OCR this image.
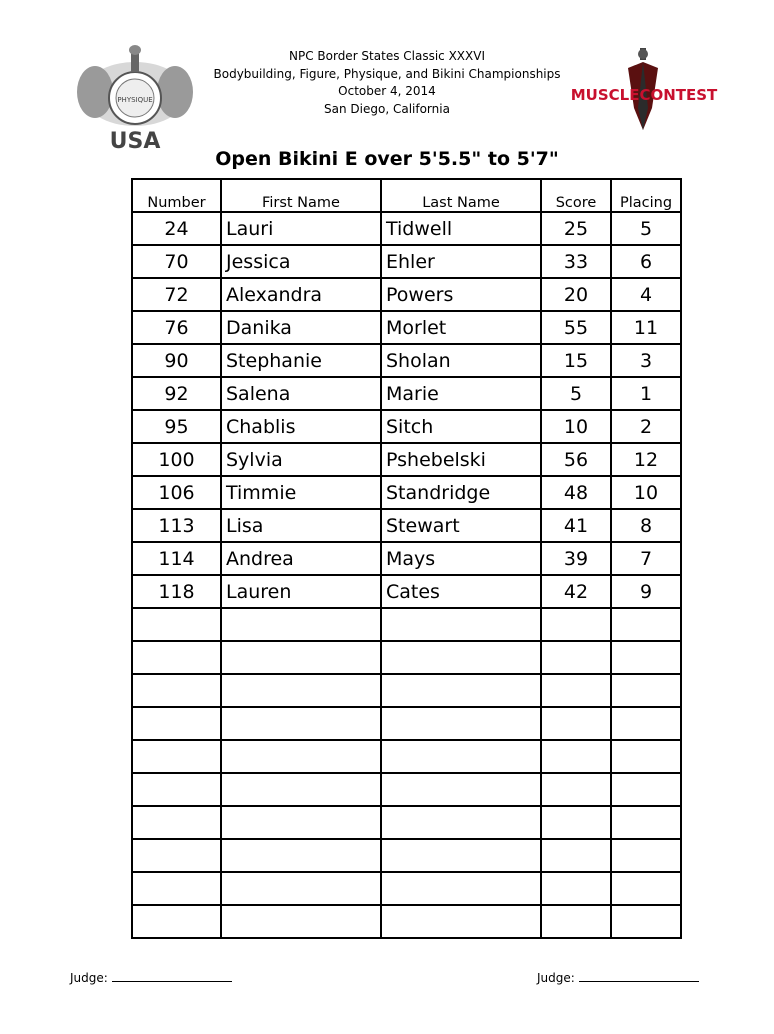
PHYSIQUE
USA
MUSCLECONTEST
NPC Border States Classic XXXVI
Bodybuilding, Figure, Physique, and Bikini Championships
October 4, 2014
San Diego, California
Open Bikini E over 5'5.5" to 5'7"
Number	First Name	Last Name	Score	Placing
24	Lauri	Tidwell	25	5
70	Jessica	Ehler	33	6
72	Alexandra	Powers	20	4
76	Danika	Morlet	55	11
90	Stephanie	Sholan	15	3
92	Salena	Marie	5	1
95	Chablis	Sitch	10	2
100	Sylvia	Pshebelski	56	12
106	Timmie	Standridge	48	10
113	Lisa	Stewart	41	8
114	Andrea	Mays	39	7
118	Lauren	Cates	42	9

Judge:	Judge:
